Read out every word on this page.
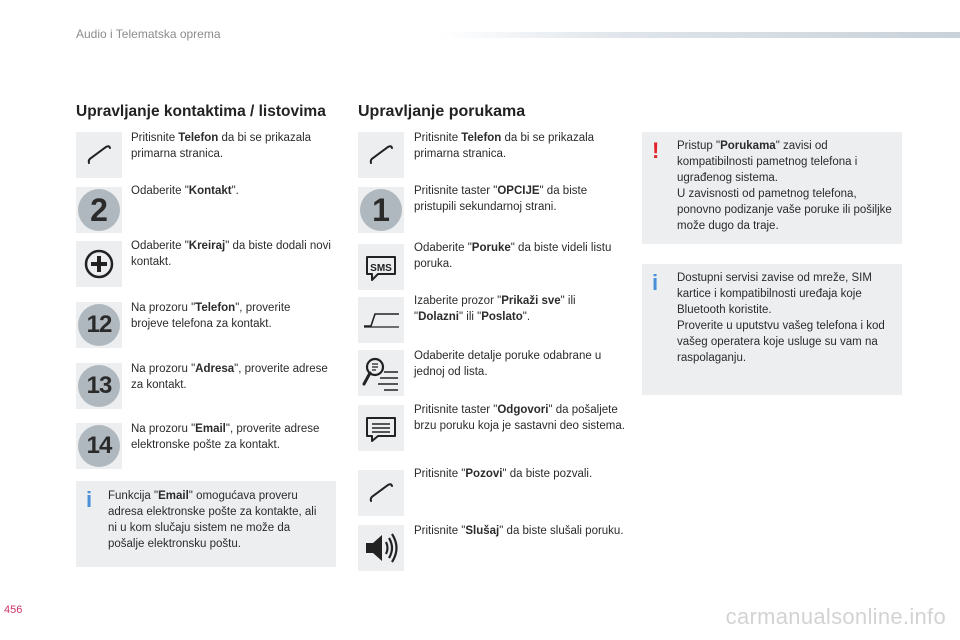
Audio i Telematska oprema
Upravljanje kontaktima / listovima
Pritisnite Telefon da bi se prikazala primarna stranica.
2
Odaberite "Kontakt".
Odaberite "Kreiraj" da biste dodali novi kontakt.
12
Na prozoru "Telefon", proverite brojeve telefona za kontakt.
13
Na prozoru "Adresa", proverite adrese za kontakt.
14
Na prozoru "Email", proverite adrese elektronske pošte za kontakt.
i Funkcija "Email" omogućava proveru adresa elektronske pošte za kontakte, ali ni u kom slučaju sistem ne može da pošalje elektronsku poštu.
Upravljanje porukama
Pritisnite Telefon da bi se prikazala primarna stranica.
1
Pritisnite taster "OPCIJE" da biste pristupili sekundarnoj strani.
SMS
Odaberite "Poruke" da biste videli listu poruka.
Izaberite prozor "Prikaži sve" ili "Dolazni" ili "Poslato".
Odaberite detalje poruke odabrane u jednoj od lista.
Pritisnite taster "Odgovori" da pošaljete brzu poruku koja je sastavni deo sistema.
Pritisnite "Pozovi" da biste pozvali.
Pritisnite "Slušaj" da biste slušali poruku.
! Pristup "Porukama" zavisi od kompatibilnosti pametnog telefona i ugrađenog sistema.
U zavisnosti od pametnog telefona, ponovno podizanje vaše poruke ili pošiljke može dugo da traje.
i Dostupni servisi zavise od mreže, SIM kartice i kompatibilnosti uređaja koje Bluetooth koristite.
Proverite u uputstvu vašeg telefona i kod vašeg operatera koje usluge su vam na raspolaganju.
456	carmanualsonline.info
